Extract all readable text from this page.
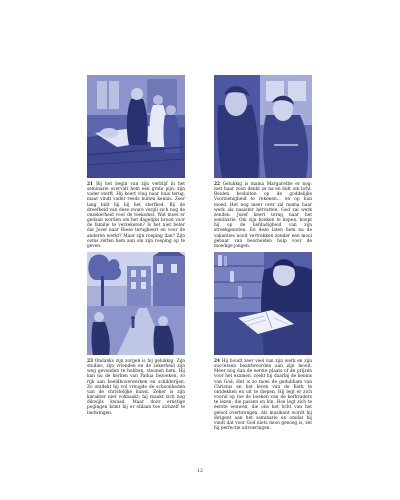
21 Bij het begin van zijn verblijf in het seminarie overvalt hem een grote pijn: zijn vader sterft. Hij keert vlug naar huis terug, maar vindt vader reeds buiten kennis. Zeer lang bidt hij bij het sterfbed. Bij de droefheid van deze zware vergil zich nog de onzekerheid voor de toekomst. Wat moet er gedaan worden om het dagelijks brood voor de familie te verzekeren? Is het niet beter dat Jozef naar Riese terugkeert en voor de anderen werkt? Maar zijn roeping dan? Zijn ooms zetten hem aan om zijn roeping op te geven.

22 Gelukkig is mama Margarethe er nog: met haar zoon denkt ze na en bidt om licht. Beiden besluiten op de goddelijke Voorzienigheid te rekenen... en op hun moed. Het nog meer over zal mama haar werk als naaister hervatten. God zal werk zenden. Jozef keert terug naar het seminarie. Om zijn boeken te kopen, hoopt hij op de liefdadigheid van zijn streekgenoten. En deze laten hem na de vakanties nooit vertrekken zonder een mooi gebaar van bescheiden hulp voor de moedige jongen.

23 Ondanks zijn zorgen is hij gelukkig. Zijn studies, zijn vrienden en de zekerheid zijn weg gevonden te hebben, steunen hem. Hij kan nu de kerken van Padua bezoeken, zo rijk aan beeldhouwwerken en schilderijen. Zo ontdekt hij vol vreugde de schoonheden van de christelijke kunst. Zeker is zijn karakter niet volmaakt; hij maakt zich nog dikwijls kwaad. Maar door ernstige pogingen komt hij er stilaan toe zichzelf te bedwingen.

24 Hij houdt zeer veel van zijn werk en zijn successen beantwoorden aan zijn moeit. Meer nog dan de eerste plaats of de prijzen voor het examen, zoekt hij daarbij de kennis van God. Het is zo moei de geduldiam van Christus en het leven van de Kerk te ontdekken en uit te diepen. Hij legt er zich vooral op toe de boeken van de kerkvaders te lezen; die passen en bin. Hoe legt zich te eerste eeuwen, die ons het licht van het geloof overbrengen. Als muzikant wordt hij dirigent aan het seminarie en omdat hij vindt dat voor God niets mooi genoeg is, zet hij perfectie uitvoeringen.

12
